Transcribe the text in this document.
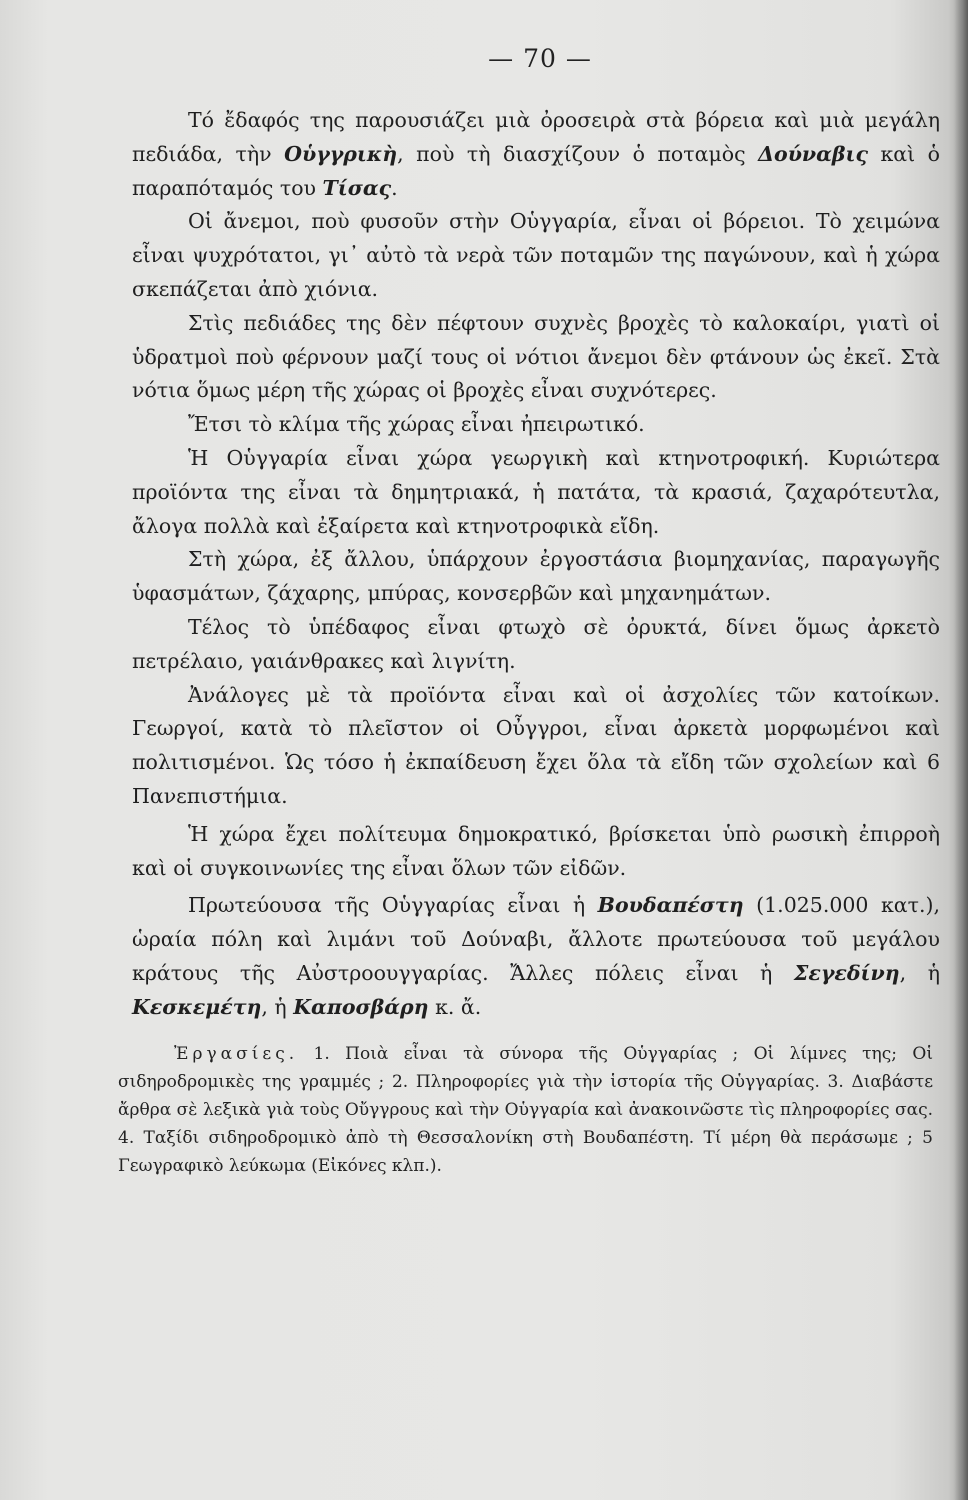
— 70 —

Τό ἔδαφός της παρουσιάζει μιὰ ὀροσειρὰ στὰ βόρεια καὶ μιὰ μεγάλη πεδιάδα, τὴν Οὑγγρικὴ, ποὺ τὴ διασχίζουν ὁ ποταμὸς Δούναβις καὶ ὁ παραπόταμός του Τίσας.

Οἱ ἄνεμοι, ποὺ φυσοῦν στὴν Οὑγγαρία, εἶναι οἱ βόρειοι. Τὸ χειμώνα εἶναι ψυχρότατοι, γι᾿ αὐτὸ τὰ νερὰ τῶν ποταμῶν της παγώνουν, καὶ ἡ χώρα σκεπάζεται ἀπὸ χιόνια.

Στὶς πεδιάδες της δὲν πέφτουν συχνὲς βροχὲς τὸ καλοκαίρι, γιατὶ οἱ ὑδρατμοὶ ποὺ φέρνουν μαζί τους οἱ νότιοι ἄνεμοι δὲν φτάνουν ὡς ἐκεῖ. Στὰ νότια ὅμως μέρη τῆς χώρας οἱ βροχὲς εἶναι συχνότερες.

Ἔτσι τὸ κλίμα τῆς χώρας εἶναι ἠπειρωτικό.

Ἡ Οὑγγαρία εἶναι χώρα γεωργικὴ καὶ κτηνοτροφική. Κυριώτερα προϊόντα της εἶναι τὰ δημητριακά, ἡ πατάτα, τὰ κρασιά, ζαχαρότευτλα, ἄλογα πολλὰ καὶ ἐξαίρετα καὶ κτηνοτροφικὰ εἴδη.

Στὴ χώρα, ἐξ ἄλλου, ὑπάρχουν ἐργοστάσια βιομηχανίας, παραγωγῆς ὑφασμάτων, ζάχαρης, μπύρας, κονσερβῶν καὶ μηχανημάτων.

Τέλος τὸ ὑπέδαφος εἶναι φτωχὸ σὲ ὀρυκτά, δίνει ὅμως ἀρκετὸ πετρέλαιο, γαιάνθρακες καὶ λιγνίτη.

Ἀνάλογες μὲ τὰ προϊόντα εἶναι καὶ οἱ ἀσχολίες τῶν κατοίκων. Γεωργοί, κατὰ τὸ πλεῖστον οἱ Οὖγγροι, εἶναι ἀρκετὰ μορφωμένοι καὶ πολιτισμένοι. Ὡς τόσο ἡ ἐκπαίδευση ἔχει ὅλα τὰ εἴδη τῶν σχολείων καὶ 6 Πανεπιστήμια.

Ἡ χώρα ἔχει πολίτευμα δημοκρατικό, βρίσκεται ὑπὸ ρωσικὴ ἐπιρροὴ καὶ οἱ συγκοινωνίες της εἶναι ὅλων τῶν εἰδῶν.

Πρωτεύουσα τῆς Οὑγγαρίας εἶναι ἡ Βουδαπέστη (1.025.000 κατ.), ὡραία πόλη καὶ λιμάνι τοῦ Δούναβι, ἄλλοτε πρωτεύουσα τοῦ μεγάλου κράτους τῆς Αὐστροουγγαρίας. Ἄλλες πόλεις εἶναι ἡ Σεγεδίνη, ἡ Κεσκεμέτη, ἡ Καποσβάρη κ. ἄ.

Ἐργασίες. 1. Ποιὰ εἶναι τὰ σύνορα τῆς Οὑγγαρίας ; Οἱ λίμνες της; Οἱ σιδηροδρομικὲς της γραμμές ; 2. Πληροφορίες γιὰ τὴν ἱστορία τῆς Οὑγγαρίας. 3. Διαβάστε ἄρθρα σὲ λεξικὰ γιὰ τοὺς Οὔγγρους καὶ τὴν Οὑγγαρία καὶ ἀνακοινῶστε τὶς πληροφορίες σας. 4. Ταξίδι σιδηροδρομικὸ ἀπὸ τὴ Θεσσαλονίκη στὴ Βουδαπέστη. Τί μέρη θὰ περάσωμε ; 5 Γεωγραφικὸ λεύκωμα (Εἰκόνες κλπ.).
